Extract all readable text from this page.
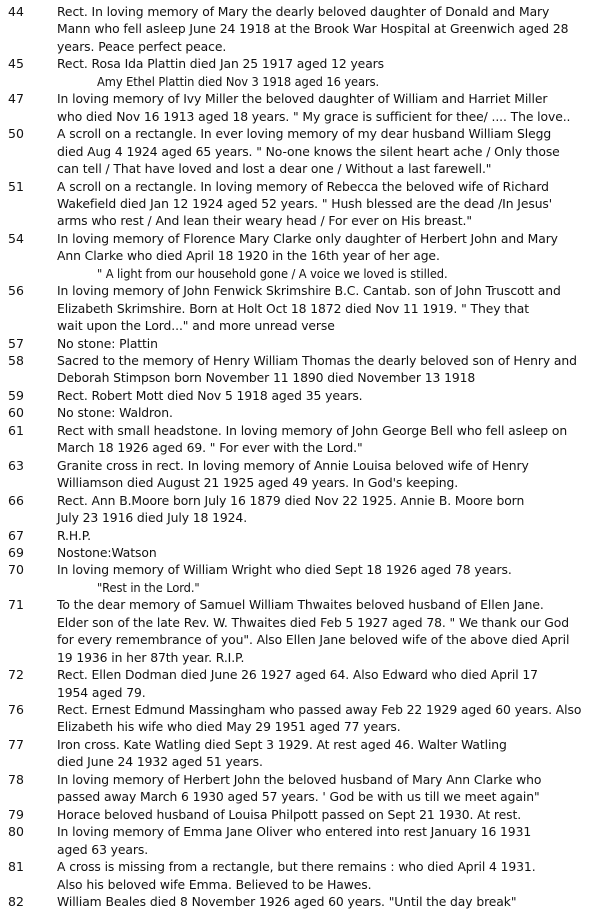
44	Rect. In loving memory of Mary the dearly beloved daughter of Donald and Mary
Mann who fell asleep June 24 1918 at the Brook War Hospital at Greenwich aged 28
years. Peace perfect peace.
45	Rect. Rosa Ida Plattin died Jan 25 1917 aged 12 years
Amy Ethel Plattin died Nov 3 1918 aged 16 years.
47	In loving memory of Ivy Miller the beloved daughter of William and Harriet Miller
who died Nov 16 1913 aged 18 years. " My grace is sufficient for thee/ .... The love..
50	A scroll on a rectangle. In ever loving memory of my dear husband William Slegg
died Aug 4 1924 aged 65 years. " No-one knows the silent heart ache / Only those
can tell / That have loved and lost a dear one / Without a last farewell."
51	A scroll on a rectangle. In loving memory of Rebecca the beloved wife of Richard
Wakefield died Jan 12 1924 aged 52 years. " Hush blessed are the dead /In Jesus'
arms who rest / And lean their weary head / For ever on His breast."
54	In loving memory of Florence Mary Clarke only daughter of Herbert John and Mary
Ann Clarke who died April 18 1920 in the 16th year of her age.
" A light from our household gone / A voice we loved is stilled.
56	In loving memory of John Fenwick Skrimshire B.C. Cantab. son of John Truscott and
Elizabeth Skrimshire. Born at Holt Oct 18 1872 died Nov 11 1919. " They that
wait upon the Lord..." and more unread verse
57	No stone: Plattin
58	Sacred to the memory of Henry William Thomas the dearly beloved son of Henry and
Deborah Stimpson born November 11 1890 died November 13 1918
59	Rect. Robert Mott died Nov 5 1918 aged 35 years.
60	No stone: Waldron.
61	Rect with small headstone. In loving memory of John George Bell who fell asleep on
March 18 1926 aged 69. " For ever with the Lord."
63	Granite cross in rect. In loving memory of Annie Louisa beloved wife of Henry
Williamson died August 21 1925 aged 49 years. In God's keeping.
66	Rect. Ann B.Moore born July 16 1879 died Nov 22 1925. Annie B. Moore born
July 23 1916 died July 18 1924.
67	R.H.P.
69	Nostone:Watson
70	In loving memory of William Wright who died Sept 18 1926 aged 78 years.
"Rest in the Lord."
71	To the dear memory of Samuel William Thwaites beloved husband of Ellen Jane.
Elder son of the late Rev. W. Thwaites died Feb 5 1927 aged 78. " We thank our God
for every remembrance of you". Also Ellen Jane beloved wife of the above died April
19 1936 in her 87th year. R.I.P.
72	Rect. Ellen Dodman died June 26 1927 aged 64. Also Edward who died April 17
1954 aged 79.
76	Rect. Ernest Edmund Massingham who passed away Feb 22 1929 aged 60 years. Also
Elizabeth his wife who died May 29 1951 aged 77 years.
77	Iron cross. Kate Watling died Sept 3 1929. At rest aged 46. Walter Watling
died June 24 1932 aged 51 years.
78	In loving memory of Herbert John the beloved husband of Mary Ann Clarke who
passed away March 6 1930 aged 57 years. ' God be with us till we meet again"
79	Horace beloved husband of Louisa Philpott passed on Sept 21 1930. At rest.
80	In loving memory of Emma Jane Oliver who entered into rest January 16 1931
aged 63 years.
81	A cross is missing from a rectangle, but there remains : who died April 4 1931.
Also his beloved wife Emma. Believed to be Hawes.
82	William Beales died 8 November 1926 aged 60 years. "Until the day break"
